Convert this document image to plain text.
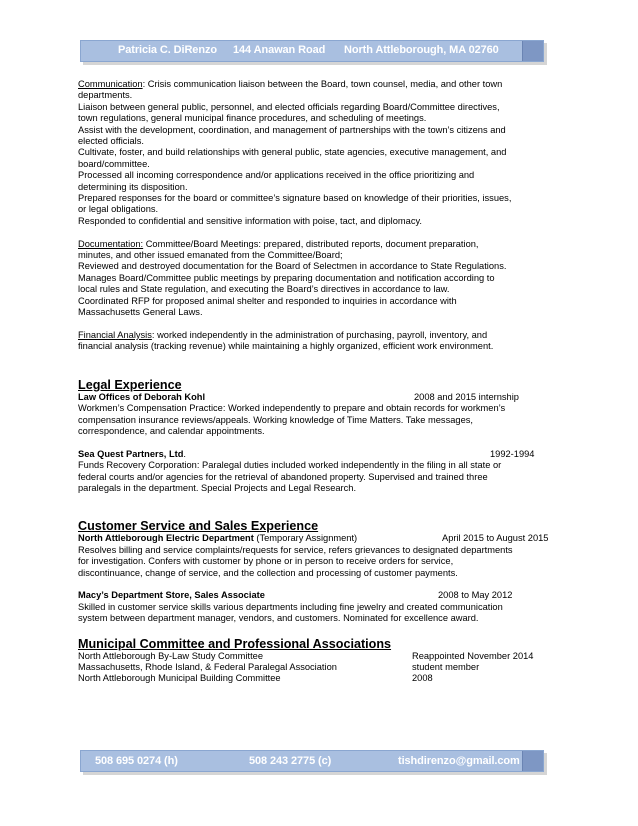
Patricia C. DiRenzo 144 Anawan Road North Attleborough, MA 02760

Communication: Crisis communication liaison between the Board, town counsel, media, and other town

departments.

Liaison between general public, personnel, and elected officials regarding Board/Committee directives,

town regulations, general municipal finance procedures, and scheduling of meetings.

Assist with the development, coordination, and management of partnerships with the town’s citizens and

elected officials.

Cultivate, foster, and build relationships with general public, state agencies, executive management, and

board/committee.

Processed all incoming correspondence and/or applications received in the office prioritizing and

determining its disposition.

Prepared responses for the board or committee’s signature based on knowledge of their priorities, issues,

or legal obligations.

Responded to confidential and sensitive information with poise, tact, and diplomacy.

Documentation: Committee/Board Meetings: prepared, distributed reports, document preparation,

minutes, and other issued emanated from the Committee/Board;

Reviewed and destroyed documentation for the Board of Selectmen in accordance to State Regulations.

Manages Board/Committee public meetings by preparing documentation and notification according to

local rules and State regulation, and executing the Board’s directives in accordance to law.

Coordinated RFP for proposed animal shelter and responded to inquiries in accordance with

Massachusetts General Laws.

Financial Analysis: worked independently in the administration of purchasing, payroll, inventory, and

financial analysis (tracking revenue) while maintaining a highly organized, efficient work environment.

Legal Experience
Law Offices of Deborah Kohl	2008 and 2015 internship

Workmen’s Compensation Practice: Worked independently to prepare and obtain records for workmen’s

compensation insurance reviews/appeals. Working knowledge of Time Matters. Take messages,

correspondence, and calendar appointments.

Sea Quest Partners, Ltd.	1992-1994

Funds Recovery Corporation: Paralegal duties included worked independently in the filing in all state or

federal courts and/or agencies for the retrieval of abandoned property. Supervised and trained three

paralegals in the department. Special Projects and Legal Research.

Customer Service and Sales Experience
North Attleborough Electric Department (Temporary Assignment)	April 2015 to August 2015

Resolves billing and service complaints/requests for service, refers grievances to designated departments

for investigation. Confers with customer by phone or in person to receive orders for service,

discontinuance, change of service, and the collection and processing of customer payments.

Macy’s Department Store, Sales Associate	2008 to May 2012

Skilled in customer service skills various departments including fine jewelry and created communication

system between department manager, vendors, and customers. Nominated for excellence award.

Municipal Committee and Professional Associations
North Attleborough By-Law Study Committee	Reappointed November 2014
Massachusetts, Rhode Island, & Federal Paralegal Association	student member
North Attleborough Municipal Building Committee	2008
508 695 0274 (h)	508 243 2775 (c)	tishdirenzo@gmail.com
